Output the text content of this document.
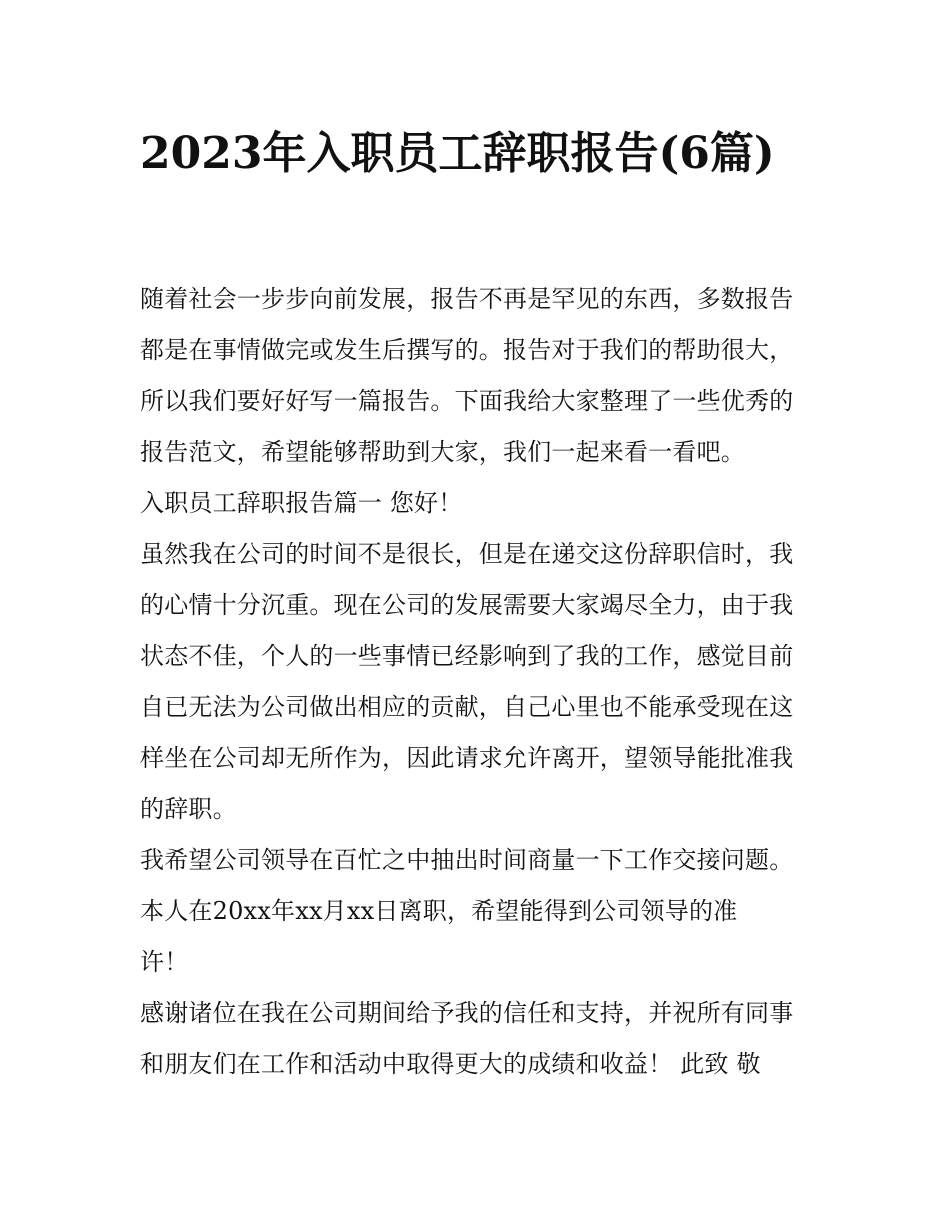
2023年入职员工辞职报告(6篇)

随着社会一步步向前发展，报告不再是罕见的东西，多数报告都是在事情做完或发生后撰写的。报告对于我们的帮助很大，所以我们要好好写一篇报告。下面我给大家整理了一些优秀的报告范文，希望能够帮助到大家，我们一起来看一看吧。

入职员工辞职报告篇一 您好！

虽然我在公司的时间不是很长，但是在递交这份辞职信时，我的心情十分沉重。现在公司的发展需要大家竭尽全力，由于我状态不佳，个人的一些事情已经影响到了我的工作，感觉目前自已无法为公司做出相应的贡献，自己心里也不能承受现在这样坐在公司却无所作为，因此请求允许离开，望领导能批准我的辞职。

我希望公司领导在百忙之中抽出时间商量一下工作交接问题。

本人在20xx年xx月xx日离职，希望能得到公司领导的准许！

感谢诸位在我在公司期间给予我的信任和支持，并祝所有同事和朋友们在工作和活动中取得更大的成绩和收益！ 此致 敬
